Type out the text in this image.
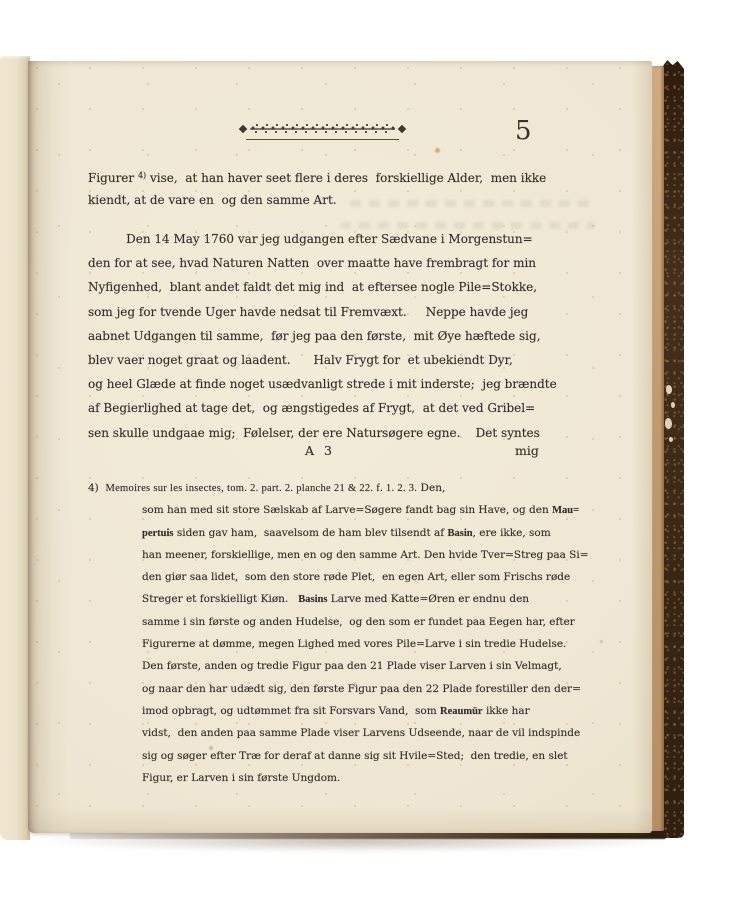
5
Figurer $^{4)}$ vise,  at han haver seet flere i deres  forskiellige Alder,  men ikke
kiendt, at de vare en  og den samme Art.
Den 14 May 1760 var jeg udgangen efter Sædvane i Morgenstun=
den for at see, hvad Naturen Natten  over maatte have frembragt for min
Nyfigenhed,  blant andet faldt det mig ind  at eftersee nogle Pile=Stokke,
som jeg for tvende Uger havde nedsat til Fremvæxt.     Neppe havde jeg
aabnet Udgangen til samme,  før jeg paa den første,  mit Øye hæftede sig,
blev vaer noget graat og laadent.      Halv Frygt for  et ubekiendt Dyr,
og heel Glæde at finde noget usædvanligt strede i mit inderste;  jeg brændte
af Begierlighed at tage det,  og ængstigedes af Frygt,  at det ved Gribel=
sen skulle undgaae mig;  Følelser, der ere Natursøgere egne.    Det syntes
A 3	mig
4)  Memoires sur les insectes, tom. 2. part. 2. planche 21 & 22. f. 1. 2. 3. Den,
som han med sit store Sælskab af Larve=Søgere fandt bag sin Have, og den Mau=
pertuis siden gav ham,  saavelsom de ham blev tilsendt af Basin, ere ikke, som
han meener, forskiellige, men en og den samme Art. Den hvide Tver=Streg paa Si=
den giør saa lidet,  som den store røde Plet,  en egen Art, eller som Frischs røde
Streger et forskielligt Kiøn.   Basins Larve med Katte=Øren er endnu den
samme i sin første og anden Hudelse,  og den som er fundet paa Eegen har, efter
Figurerne at dømme, megen Lighed med vores Pile=Larve i sin tredie Hudelse.
Den første, anden og tredie Figur paa den 21 Plade viser Larven i sin Velmagt,
og naar den har udædt sig, den første Figur paa den 22 Plade forestiller den der=
imod opbragt, og udtømmet fra sit Forsvars Vand,  som Reaumür ikke har
vidst,  den anden paa samme Plade viser Larvens Udseende, naar de vil indspinde
sig og søger efter Træ for deraf at danne sig sit Hvile=Sted;  den tredie, en slet
Figur, er Larven i sin første Ungdom.
